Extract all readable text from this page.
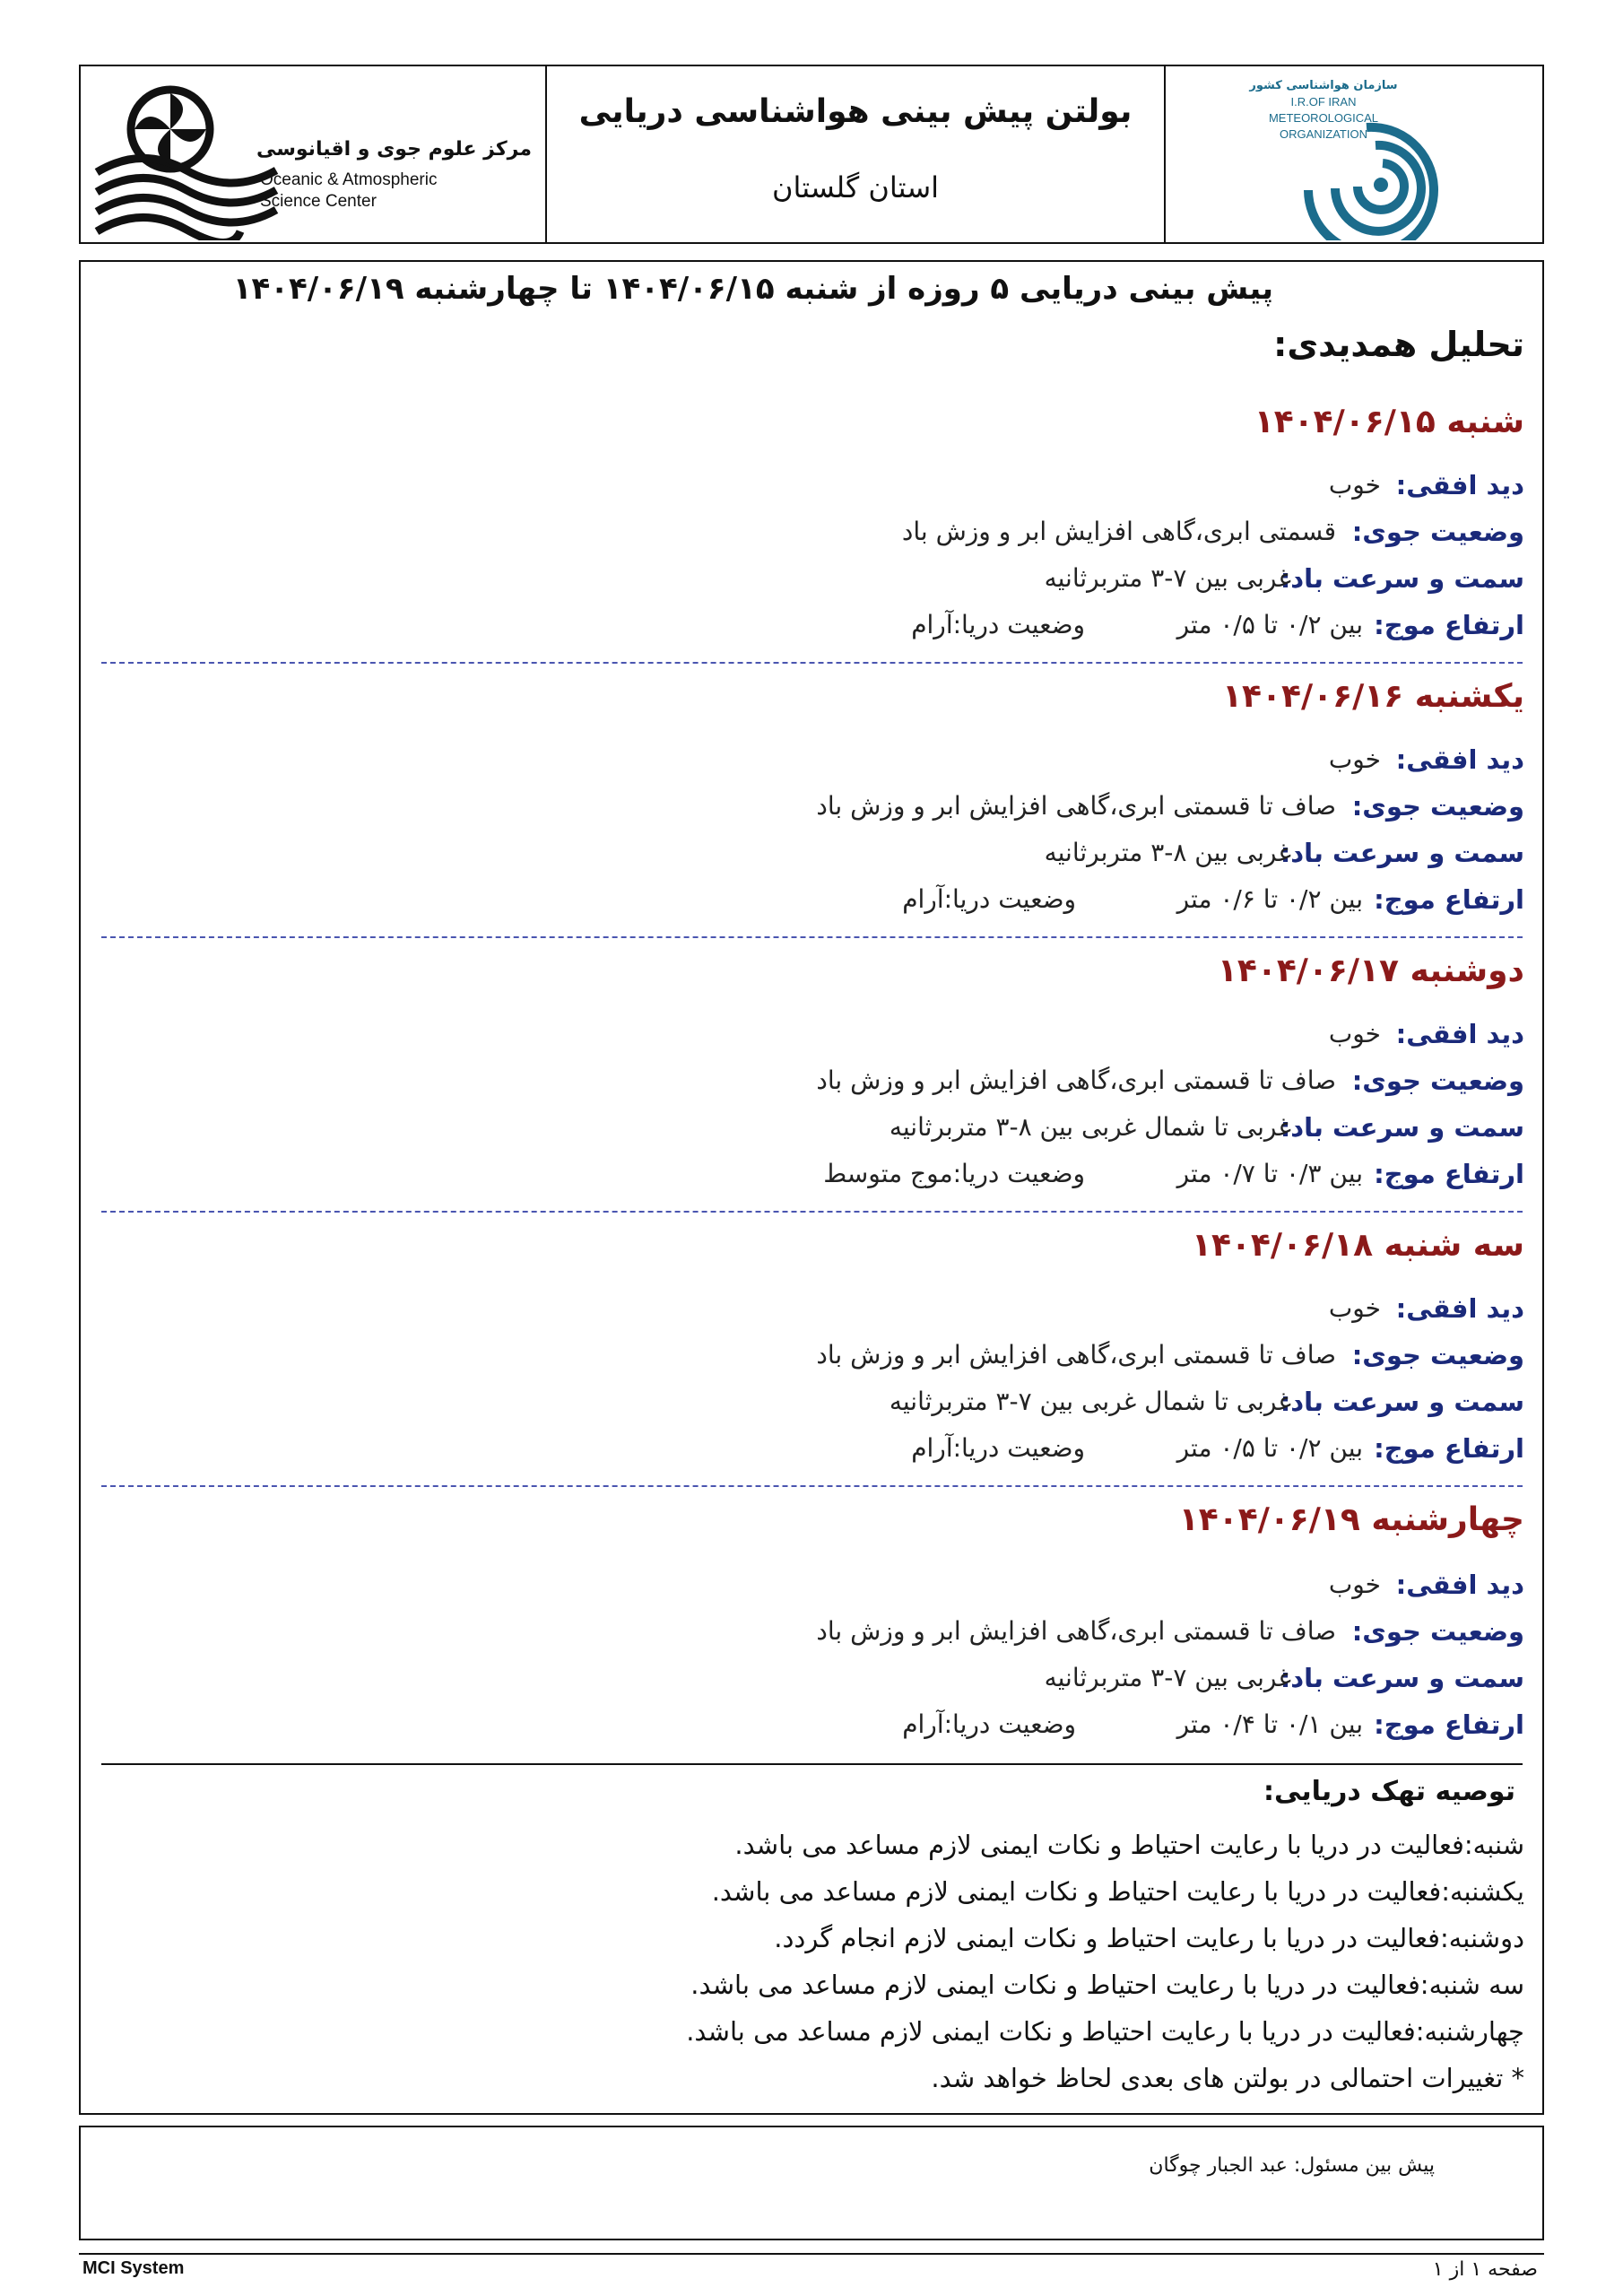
بولتن پیش بینی هواشناسی دریایی
استان گلستان
مرکز علوم جوی و اقیانوسی
Oceanic & Atmospheric
Science Center
سازمان هواشناسی کشور
I.R.OF IRAN
METEOROLOGICAL
ORGANIZATION
پیش بینی دریایی ۵ روزه از شنبه ۱۴۰۴/۰۶/۱۵ تا چهارشنبه ۱۴۰۴/۰۶/۱۹
تحلیل همدیدی:
شنبه ۱۴۰۴/۰۶/۱۵
دید افقی:
خوب
وضعیت جوی:
قسمتی ابری،گاهی افزایش ابر و وزش باد
سمت و سرعت باد:
غربی بین ۷-۳ متربرثانیه
ارتفاع موج:
بین ۰/۲ تا ۰/۵ متر
وضعیت دریا:آرام
یکشنبه ۱۴۰۴/۰۶/۱۶
دید افقی:
خوب
وضعیت جوی:
صاف تا قسمتی ابری،گاهی افزایش ابر و وزش باد
سمت و سرعت باد:
غربی بین ۸-۳ متربرثانیه
ارتفاع موج:
بین ۰/۲ تا ۰/۶ متر
وضعیت دریا:آرام
دوشنبه ۱۴۰۴/۰۶/۱۷
دید افقی:
خوب
وضعیت جوی:
صاف تا قسمتی ابری،گاهی افزایش ابر و وزش باد
سمت و سرعت باد:
غربی تا شمال غربی بین ۸-۳ متربرثانیه
ارتفاع موج:
بین ۰/۳ تا ۰/۷ متر
وضعیت دریا:موج متوسط
سه شنبه ۱۴۰۴/۰۶/۱۸
دید افقی:
خوب
وضعیت جوی:
صاف تا قسمتی ابری،گاهی افزایش ابر و وزش باد
سمت و سرعت باد:
غربی تا شمال غربی بین ۷-۳ متربرثانیه
ارتفاع موج:
بین ۰/۲ تا ۰/۵ متر
وضعیت دریا:آرام
چهارشنبه ۱۴۰۴/۰۶/۱۹
دید افقی:
خوب
وضعیت جوی:
صاف تا قسمتی ابری،گاهی افزایش ابر و وزش باد
سمت و سرعت باد:
غربی بین ۷-۳ متربرثانیه
ارتفاع موج:
بین ۰/۱ تا ۰/۴ متر
وضعیت دریا:آرام
توصیه تهک دریایی:
شنبه:فعالیت در دریا با رعایت احتیاط و نکات ایمنی لازم مساعد می باشد.
یکشنبه:فعالیت در دریا با رعایت احتیاط و نکات ایمنی لازم مساعد می باشد.
دوشنبه:فعالیت در دریا با رعایت احتیاط و نکات ایمنی لازم انجام گردد.
سه شنبه:فعالیت در دریا با رعایت احتیاط و نکات ایمنی لازم مساعد می باشد.
چهارشنبه:فعالیت در دریا با رعایت احتیاط و نکات ایمنی لازم مساعد می باشد.
* تغییرات احتمالی در بولتن های بعدی لحاظ خواهد شد.
پیش بین مسئول: عبد الجبار چوگان
MCI System	صفحه ۱ از ۱
